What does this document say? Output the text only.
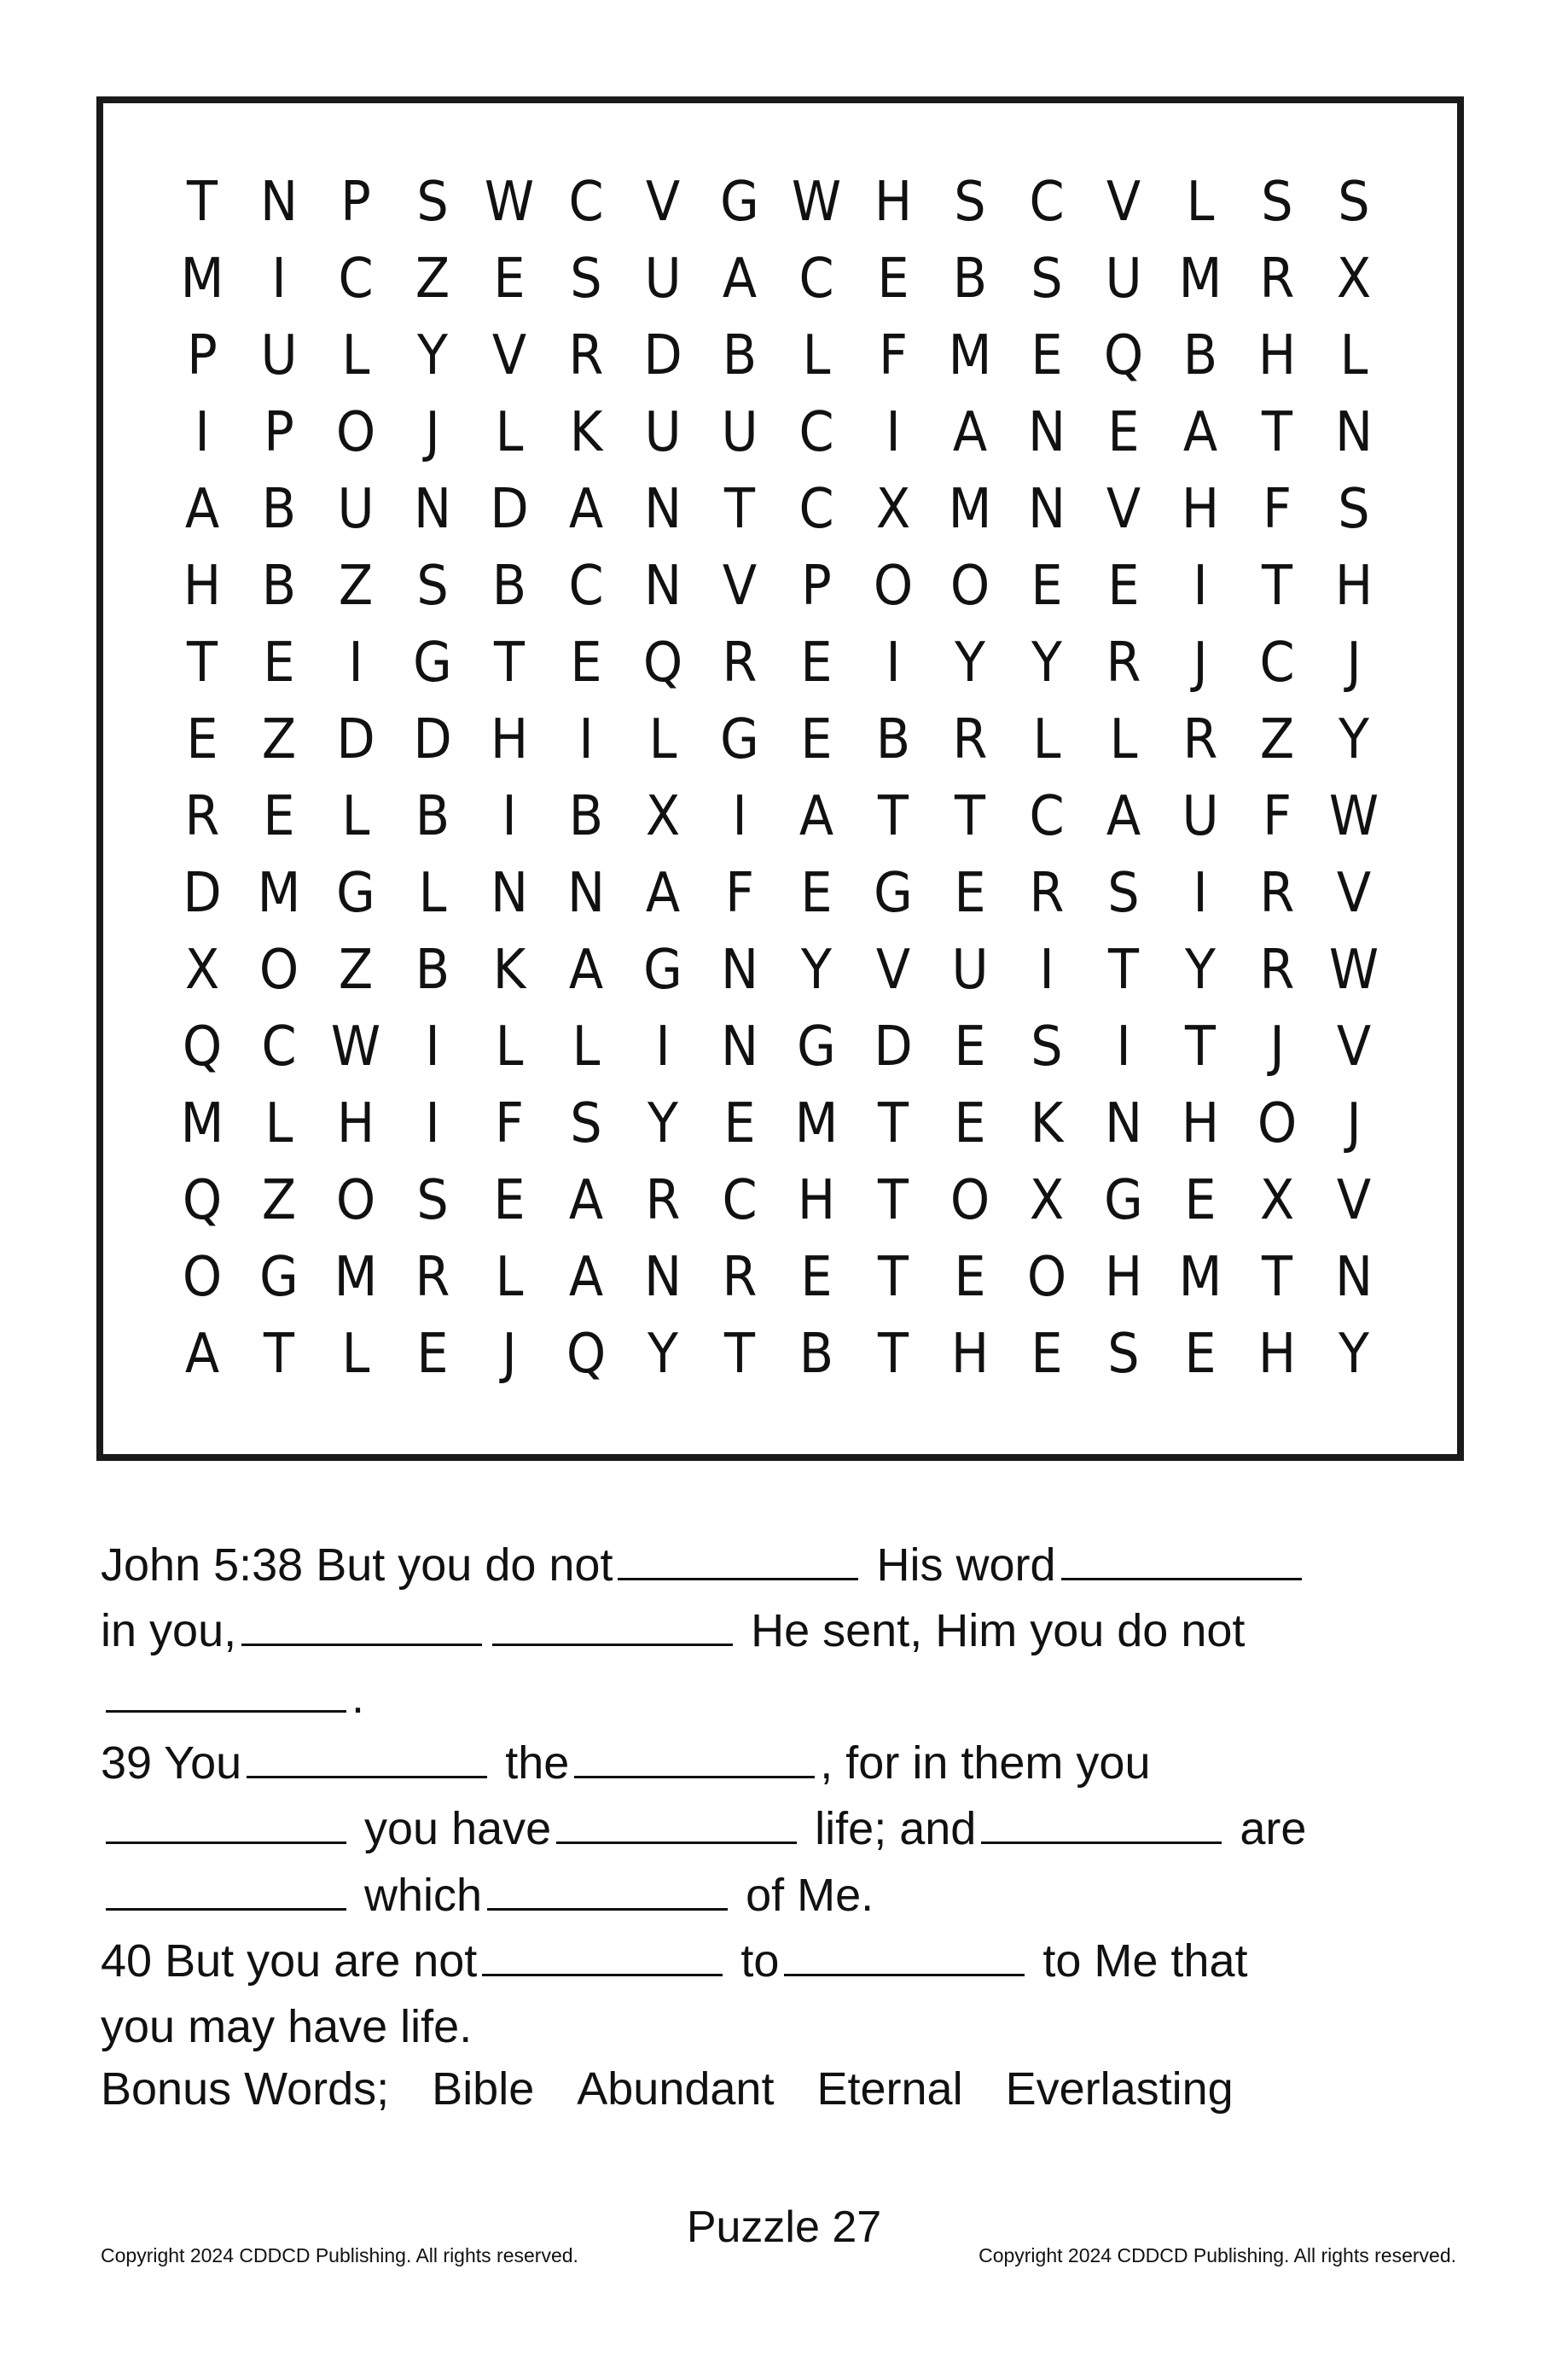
T N P S W C V G W H S C V L S S
M I C Z E S U A C E B S U M R X
P U L Y V R D B L F M E Q B H L
I P O J	L K U U C I A N E A T N
A B U N D A N T C X M N V H F S
H B Z S B C N V P O O E E I T H
T E I G T E Q R E I Y Y R J C J
E Z D D H I	L G E B R L L R Z Y
R E L B I B X I A T T C A U F W
D M G L N N A F E G E R S I R V
X O Z B K A G N Y V U I T Y R W
Q C W I	L L	I N G D E S I T J V
M L H I	F S Y E M T E K N H O J
Q Z O S E A R C H T O X G E X V
O G M R L A N R E T E O H M T N
A T L E J Q Y T B T H E S E H Y
John 5:38 But you do not	His word
in you,	He sent, Him you do not
.
39 You	the	, for in them you
you have	life; and	are
which	of Me.
40 But you are not	to	to Me that
you may have life.
Bonus Words; Bible Abundant Eternal Everlasting
Puzzle 27
Copyright 2024 CDDCD Publishing. All rights reserved.	Copyright 2024 CDDCD Publishing. All rights reserved.
